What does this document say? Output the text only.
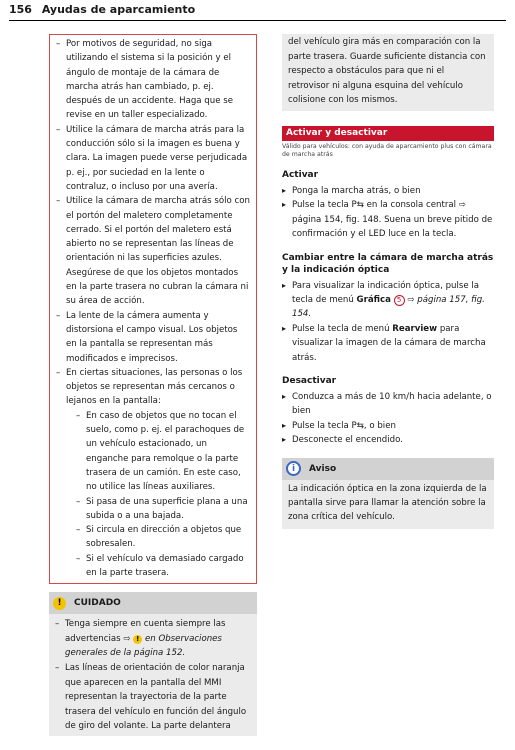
156 Ayudas de aparcamiento
– Por motivos de seguridad, no siga utilizando el sistema si la posición y el ángulo de montaje de la cámara de marcha atrás han cambiado, p. ej. después de un accidente. Haga que se revise en un taller especializado.
– Utilice la cámara de marcha atrás para la conducción sólo si la imagen es buena y clara. La imagen puede verse perjudicada p. ej., por suciedad en la lente o contraluz, o incluso por una avería.
– Utilice la cámara de marcha atrás sólo con el portón del maletero completamente cerrado. Si el portón del maletero está abierto no se representan las líneas de orientación ni las superficies azules. Asegúrese de que los objetos montados en la parte trasera no cubran la cámara ni su área de acción.
– La lente de la cámera aumenta y distorsiona el campo visual. Los objetos en la pantalla se representan más modificados e imprecisos.
– En ciertas situaciones, las personas o los objetos se representan más cercanos o lejanos en la pantalla:
– En caso de objetos que no tocan el suelo, como p. ej. el parachoques de un vehículo estacionado, un enganche para remolque o la parte trasera de un camión. En este caso, no utilice las líneas auxiliares.
– Si pasa de una superficie plana a una subida o a una bajada.
– Si circula en dirección a objetos que sobresalen.
– Si el vehículo va demasiado cargado en la parte trasera.
!	CUIDADO
– Tenga siempre en cuenta siempre las advertencias ⇨ ! en Observaciones generales de la página 152.
– Las líneas de orientación de color naranja que aparecen en la pantalla del MMI representan la trayectoria de la parte trasera del vehículo en función del ángulo de giro del volante. La parte delantera
del vehículo gira más en comparación con la parte trasera. Guarde suficiente distancia con respecto a obstáculos para que ni el retrovisor ni alguna esquina del vehículo colisione con los mismos.
Activar y desactivar
Válido para vehículos: con ayuda de aparcamiento plus con cámara de marcha atrás
Activar
▸ Ponga la marcha atrás, o bien
▸ Pulse la tecla P⇆ en la consola central ⇨ página 154, fig. 148. Suena un breve pitido de confirmación y el LED luce en la tecla.
Cambiar entre la cámara de marcha atrás y la indicación óptica
▸ Para visualizar la indicación óptica, pulse la tecla de menú Gráfica 5 ⇨ página 157, fig. 154.
▸ Pulse la tecla de menú Rearview para visualizar la imagen de la cámara de marcha atrás.
Desactivar
▸ Conduzca a más de 10 km/h hacia adelante, o bien
▸ Pulse la tecla P⇆, o bien
▸ Desconecte el encendido.
i	Aviso
La indicación óptica en la zona izquierda de la pantalla sirve para llamar la atención sobre la zona crítica del vehículo.
